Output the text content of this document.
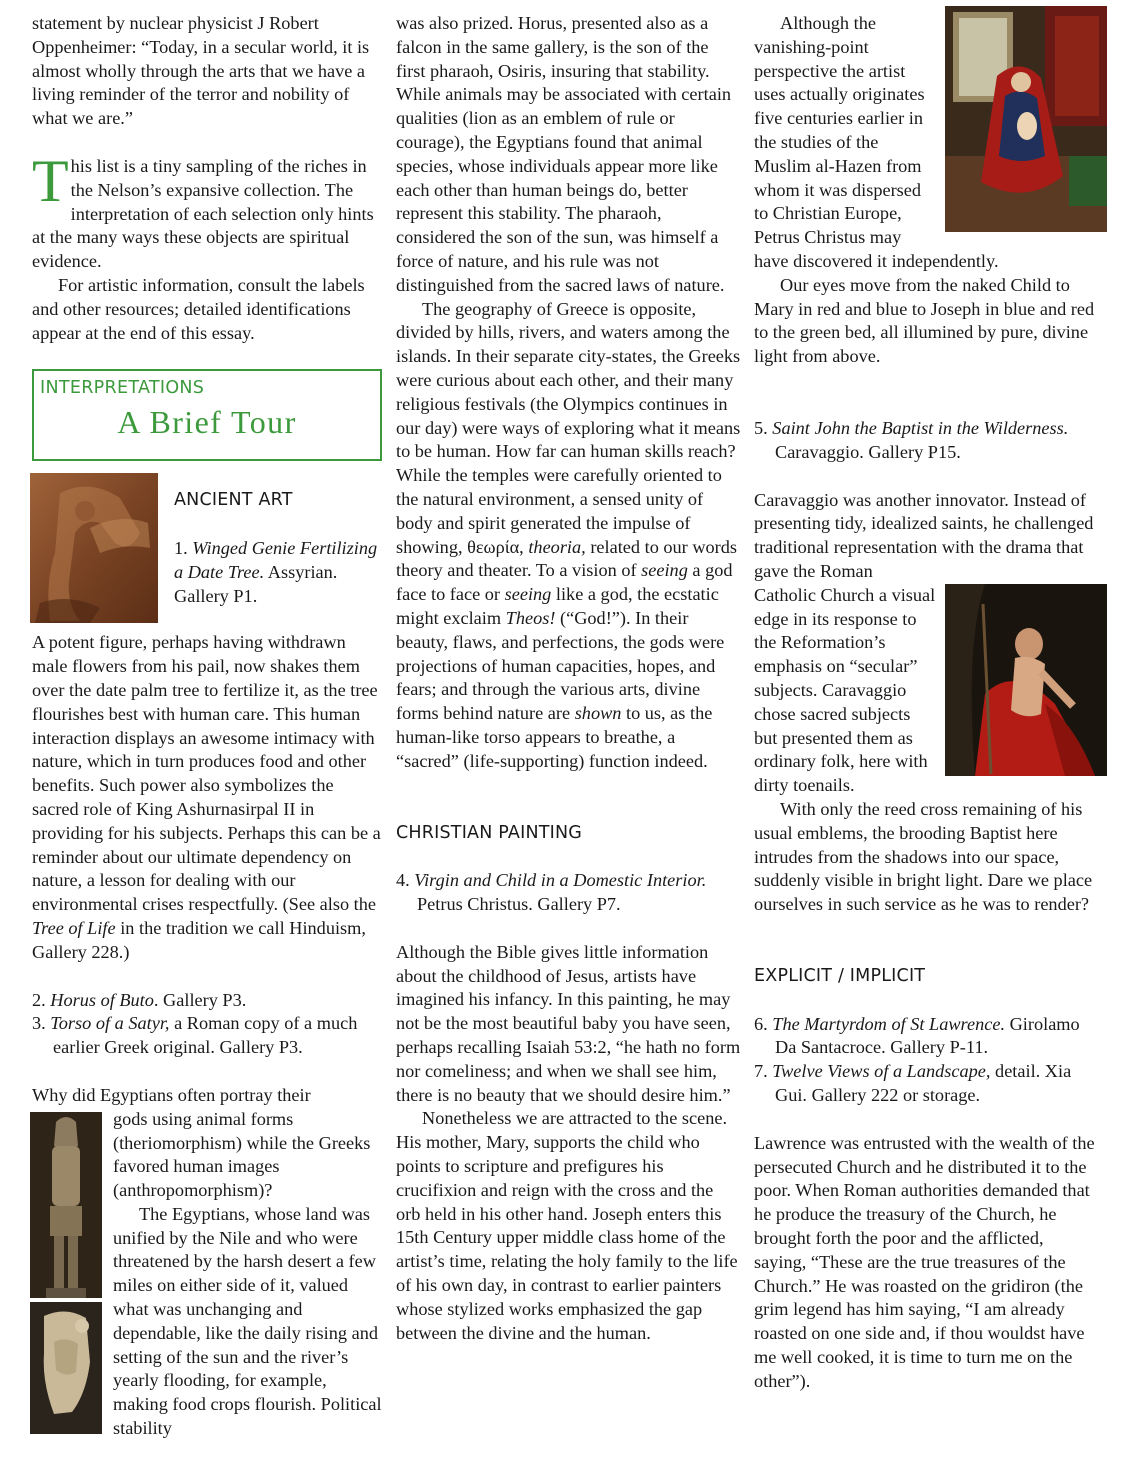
statement by nuclear physicist J Robert Oppenheimer: “Today, in a secular world, it is almost wholly through the arts that we have a living reminder of the terror and nobility of what we are.”

This list is a tiny sampling of the riches in the Nelson’s expansive collection. The interpretation of each selection only hints at the many ways these objects are spiritual evidence.

For artistic information, consult the labels and other resources; detailed identifications appear at the end of this essay.

INTERPRETATIONS
A Brief Tour

ANCIENT ART

1. Winged Genie Fertilizing a Date Tree. Assyrian. Gallery P1.

A potent figure, perhaps having withdrawn male flowers from his pail, now shakes them over the date palm tree to fertilize it, as the tree flourishes best with human care. This human interaction displays an awesome intimacy with nature, which in turn produces food and other benefits. Such power also symbolizes the sacred role of King Ashurnasirpal II in providing for his subjects. Perhaps this can be a reminder about our ultimate dependency on nature, a lesson for dealing with our environmental crises respectfully. (See also the Tree of Life in the tradition we call Hinduism, Gallery 228.)

2. Horus of Buto. Gallery P3.

3. Torso of a Satyr, a Roman copy of a much earlier Greek original. Gallery P3.

Why did Egyptians often portray their

gods using animal forms (theriomorphism) while the Greeks favored human images (anthropomorphism)?

The Egyptians, whose land was unified by the Nile and who were threatened by the harsh desert a few miles on either side of it, valued what was unchanging and dependable, like the daily rising and setting of the sun and the river’s yearly flooding, for example, making food crops flourish. Political stability

was also prized. Horus, presented also as a falcon in the same gallery, is the son of the first pharaoh, Osiris, insuring that stability. While animals may be associated with certain qualities (lion as an emblem of rule or courage), the Egyptians found that animal species, whose individuals appear more like each other than human beings do, better represent this stability. The pharaoh, considered the son of the sun, was himself a force of nature, and his rule was not distinguished from the sacred laws of nature.

The geography of Greece is opposite, divided by hills, rivers, and waters among the islands. In their separate city-states, the Greeks were curious about each other, and their many religious festivals (the Olympics continues in our day) were ways of exploring what it means to be human. How far can human skills reach? While the temples were carefully oriented to the natural environment, a sensed unity of body and spirit generated the impulse of showing, θεωρία, theoria, related to our words theory and theater. To a vision of seeing a god face to face or seeing like a god, the ecstatic might exclaim Theos! (“God!”). In their beauty, flaws, and perfections, the gods were projections of human capacities, hopes, and fears; and through the various arts, divine forms behind nature are shown to us, as the human-like torso appears to breathe, a “sacred” (life-supporting) function indeed.

CHRISTIAN PAINTING

4. Virgin and Child in a Domestic Interior. Petrus Christus. Gallery P7.

Although the Bible gives little information about the childhood of Jesus, artists have imagined his infancy. In this painting, he may not be the most beautiful baby you have seen, perhaps recalling Isaiah 53:2, “he hath no form nor comeliness; and when we shall see him, there is no beauty that we should desire him.”

Nonetheless we are attracted to the scene. His mother, Mary, supports the child who points to scripture and prefigures his crucifixion and reign with the cross and the orb held in his other hand. Joseph enters this 15th Century upper middle class home of the artist’s time, relating the holy family to the life of his own day, in contrast to earlier painters whose stylized works emphasized the gap between the divine and the human.

Although the vanishing-point perspective the artist uses actually originates five centuries earlier in the studies of the Muslim al-Hazen from whom it was dispersed to Christian Europe, Petrus Christus may have discovered it independently.

Our eyes move from the naked Child to Mary in red and blue to Joseph in blue and red to the green bed, all illumined by pure, divine light from above.

5. Saint John the Baptist in the Wilderness. Caravaggio. Gallery P15.

Caravaggio was another innovator. Instead of presenting tidy, idealized saints, he challenged traditional representation with the drama that gave the Roman Catholic Church a visual edge in its response to the Reformation’s emphasis on “secular” subjects. Caravaggio chose sacred subjects but presented them as ordinary folk, here with dirty toenails.

With only the reed cross remaining of his usual emblems, the brooding Baptist here intrudes from the shadows into our space, suddenly visible in bright light. Dare we place ourselves in such service as he was to render?

EXPLICIT / IMPLICIT

6. The Martyrdom of St Lawrence. Girolamo Da Santacroce. Gallery P-11.

7. Twelve Views of a Landscape, detail. Xia Gui. Gallery 222 or storage.

Lawrence was entrusted with the wealth of the persecuted Church and he distributed it to the poor. When Roman authorities demanded that he produce the treasury of the Church, he brought forth the poor and the afflicted, saying, “These are the true treasures of the Church.” He was roasted on the gridiron (the grim legend has him saying, “I am already roasted on one side and, if thou wouldst have me well cooked, it is time to turn me on the other”).
